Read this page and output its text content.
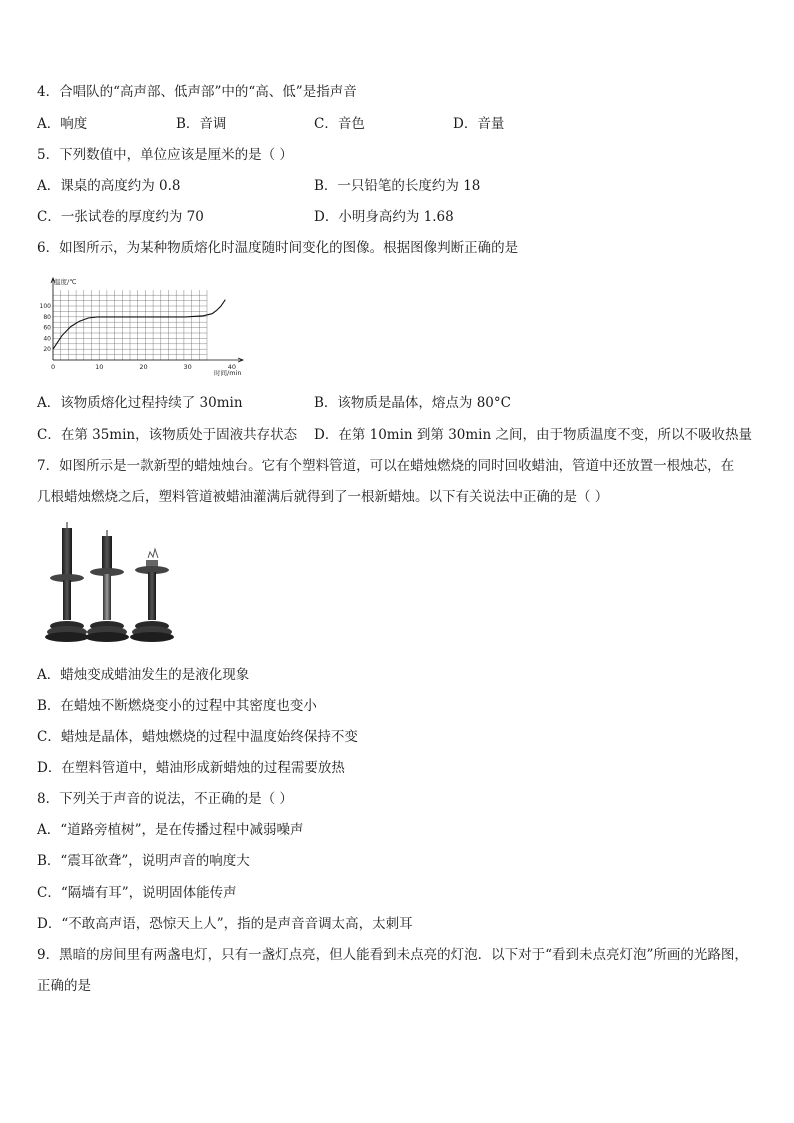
4．合唱队的“高声部、低声部”中的“高、低”是指声音
A．响度	B．音调	C．音色	D．音量
5．下列数值中，单位应该是厘米的是（ ）
A．课桌的高度约为 0.8	B．一只铅笔的长度约为 18
C．一张试卷的厚度约为 70	D．小明身高约为 1.68
6．如图所示，为某种物质熔化时温度随时间变化的图像。根据图像判断正确的是
0	10	20	30	40
20
40
60
80
100
温度/℃
时间/min
A．该物质熔化过程持续了 30min	B．该物质是晶体，熔点为 80°C
C．在第 35min，该物质处于固液共存状态 D．在第 10min 到第 30min 之间，由于物质温度不变，所以不吸收热量
7．如图所示是一款新型的蜡烛烛台。它有个塑料管道，可以在蜡烛燃烧的同时回收蜡油，管道中还放置一根烛芯，在
几根蜡烛燃烧之后，塑料管道被蜡油灌满后就得到了一根新蜡烛。以下有关说法中正确的是（ ）
A．蜡烛变成蜡油发生的是液化现象
B．在蜡烛不断燃烧变小的过程中其密度也变小
C．蜡烛是晶体，蜡烛燃烧的过程中温度始终保持不变
D．在塑料管道中，蜡油形成新蜡烛的过程需要放热
8．下列关于声音的说法，不正确的是（ ）
A．“道路旁植树”，是在传播过程中减弱噪声
B．“震耳欲聋”，说明声音的响度大
C．“隔墙有耳”，说明固体能传声
D．“不敢高声语，恐惊天上人”，指的是声音音调太高，太刺耳
9．黑暗的房间里有两盏电灯，只有一盏灯点亮，但人能看到未点亮的灯泡．以下对于“看到未点亮灯泡”所画的光路图，
正确的是
